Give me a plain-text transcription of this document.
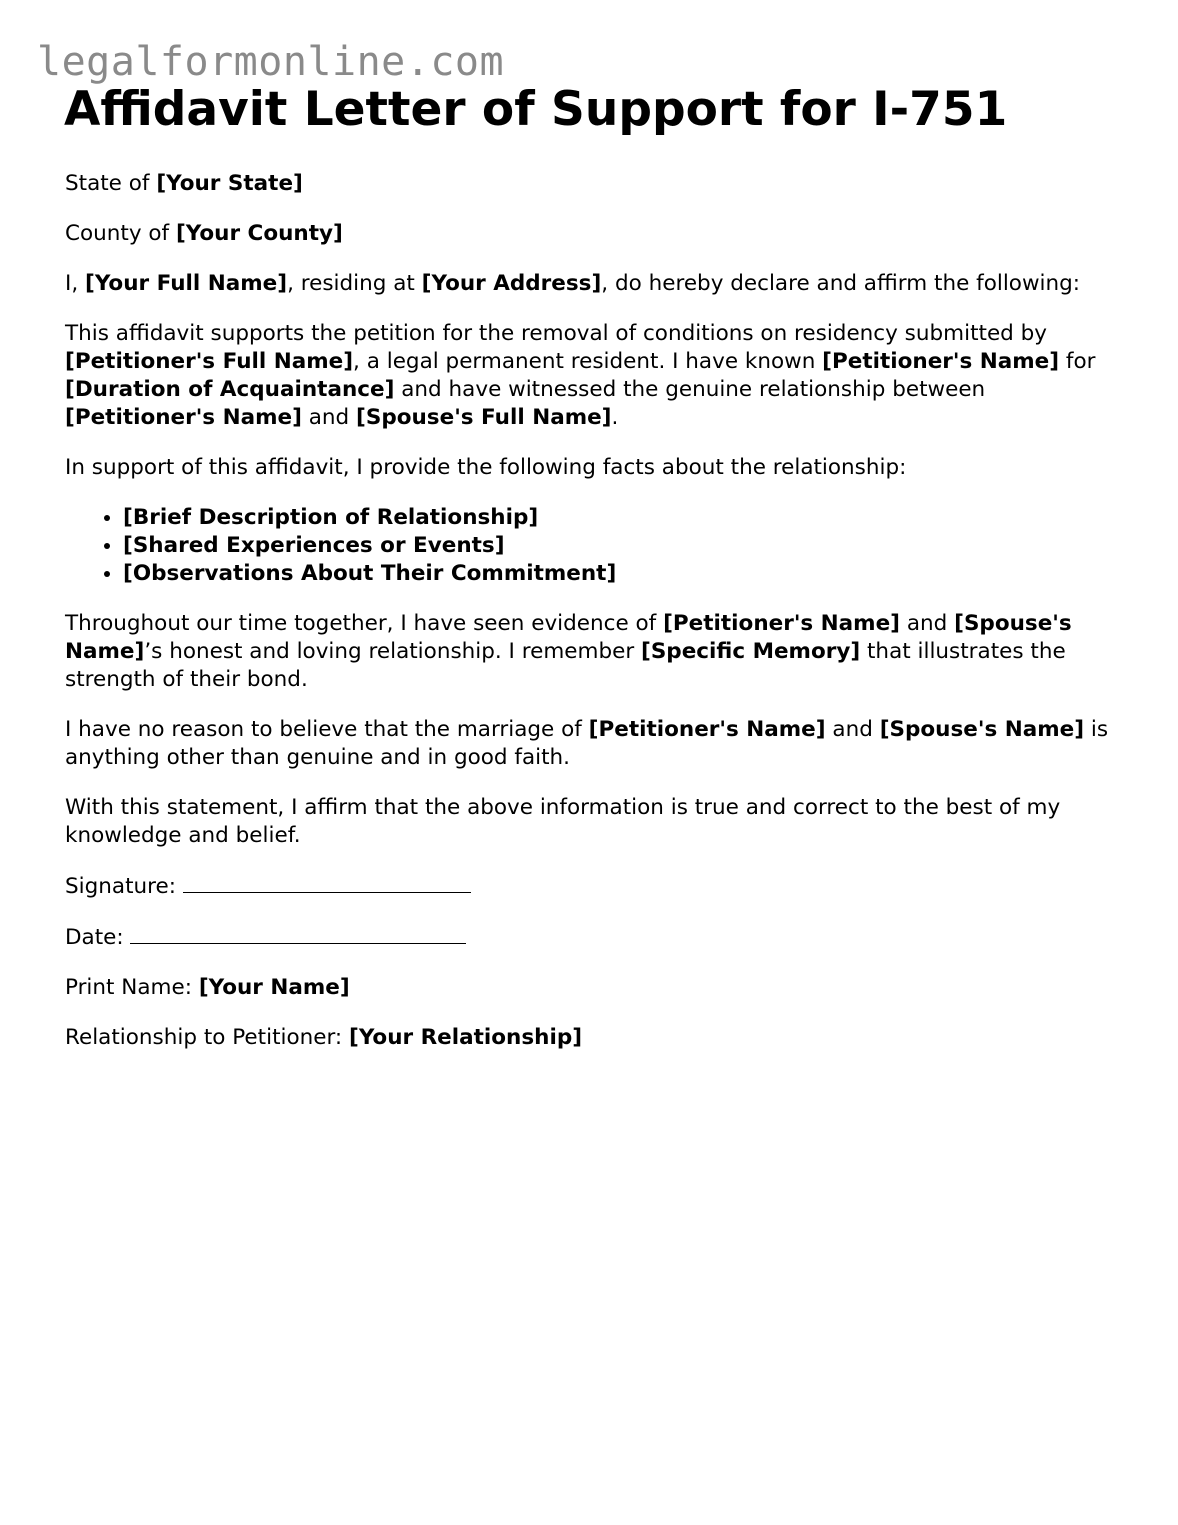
legalformonline.com
Affidavit Letter of Support for I-751

State of [Your State]

County of [Your County]

I, [Your Full Name], residing at [Your Address], do hereby declare and affirm the following:

This affidavit supports the petition for the removal of conditions on residency submitted by [Petitioner's Full Name], a legal permanent resident. I have known [Petitioner's Name] for [Duration of Acquaintance] and have witnessed the genuine relationship between [Petitioner's Name] and [Spouse's Full Name].

In support of this affidavit, I provide the following facts about the relationship:

• [Brief Description of Relationship]
• [Shared Experiences or Events]
• [Observations About Their Commitment]

Throughout our time together, I have seen evidence of [Petitioner's Name] and [Spouse's Name]’s honest and loving relationship. I remember [Specific Memory] that illustrates the strength of their bond.

I have no reason to believe that the marriage of [Petitioner's Name] and [Spouse's Name] is anything other than genuine and in good faith.

With this statement, I affirm that the above information is true and correct to the best of my knowledge and belief.

Signature:

Date:

Print Name: [Your Name]

Relationship to Petitioner: [Your Relationship]
